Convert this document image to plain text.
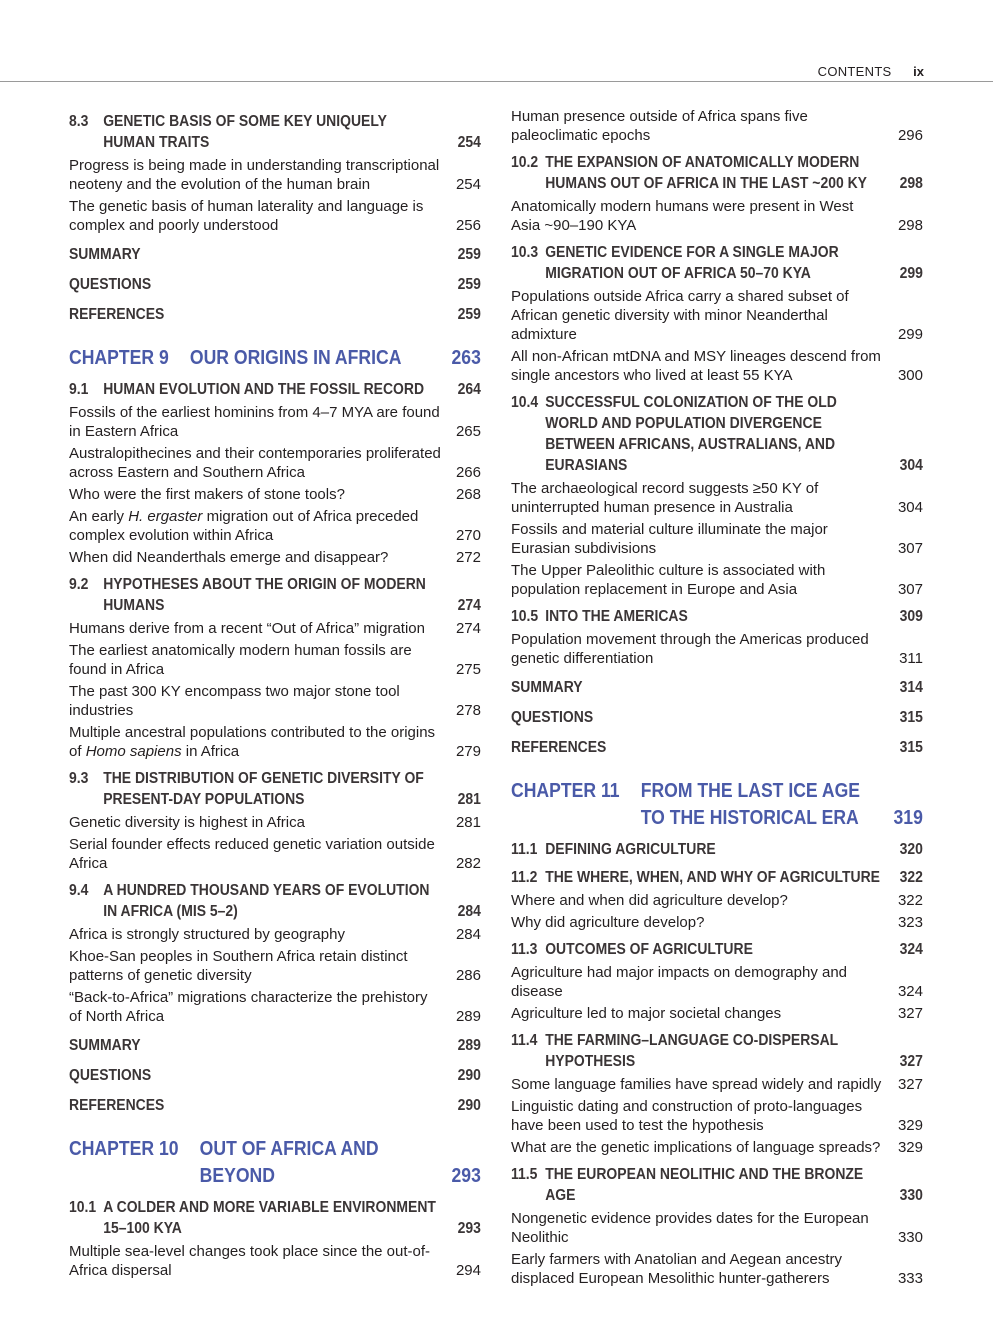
CONTENTS ix
8.3 GENETIC BASIS OF SOME KEY UNIQUELY HUMAN TRAITS	254
Progress is being made in understanding transcriptional neoteny and the evolution of the human brain	254
The genetic basis of human laterality and language is complex and poorly understood	256
SUMMARY	259
QUESTIONS	259
REFERENCES	259
CHAPTER 9 OUR ORIGINS IN AFRICA	263
9.1 HUMAN EVOLUTION AND THE FOSSIL RECORD	264
Fossils of the earliest hominins from 4–7 MYA are found in Eastern Africa	265
Australopithecines and their contemporaries proliferated across Eastern and Southern Africa	266
Who were the first makers of stone tools?	268
An early H. ergaster migration out of Africa preceded complex evolution within Africa	270
When did Neanderthals emerge and disappear?	272
9.2 HYPOTHESES ABOUT THE ORIGIN OF MODERN HUMANS	274
Humans derive from a recent “Out of Africa” migration	274
The earliest anatomically modern human fossils are found in Africa	275
The past 300 KY encompass two major stone tool industries	278
Multiple ancestral populations contributed to the origins of Homo sapiens in Africa	279
9.3 THE DISTRIBUTION OF GENETIC DIVERSITY OF PRESENT-DAY POPULATIONS	281
Genetic diversity is highest in Africa	281
Serial founder effects reduced genetic variation outside Africa	282
9.4 A HUNDRED THOUSAND YEARS OF EVOLUTION IN AFRICA (MIS 5–2)	284
Africa is strongly structured by geography	284
Khoe-San peoples in Southern Africa retain distinct patterns of genetic diversity	286
“Back-to-Africa” migrations characterize the prehistory of North Africa	289
SUMMARY	289
QUESTIONS	290
REFERENCES	290
CHAPTER 10 OUT OF AFRICA AND BEYOND	293
10.1 A COLDER AND MORE VARIABLE ENVIRONMENT 15–100 KYA	293
Multiple sea-level changes took place since the out-of-Africa dispersal	294
Human presence outside of Africa spans five paleoclimatic epochs	296
10.2 THE EXPANSION OF ANATOMICALLY MODERN HUMANS OUT OF AFRICA IN THE LAST ~200 KY	298
Anatomically modern humans were present in West Asia ~90–190 KYA	298
10.3 GENETIC EVIDENCE FOR A SINGLE MAJOR MIGRATION OUT OF AFRICA 50–70 KYA	299
Populations outside Africa carry a shared subset of African genetic diversity with minor Neanderthal admixture	299
All non-African mtDNA and MSY lineages descend from single ancestors who lived at least 55 KYA	300
10.4 SUCCESSFUL COLONIZATION OF THE OLD WORLD AND POPULATION DIVERGENCE BETWEEN AFRICANS, AUSTRALIANS, AND EURASIANS	304
The archaeological record suggests ≥50 KY of uninterrupted human presence in Australia	304
Fossils and material culture illuminate the major Eurasian subdivisions	307
The Upper Paleolithic culture is associated with population replacement in Europe and Asia	307
10.5 INTO THE AMERICAS	309
Population movement through the Americas produced genetic differentiation	311
SUMMARY	314
QUESTIONS	315
REFERENCES	315
CHAPTER 11 FROM THE LAST ICE AGE TO THE HISTORICAL ERA	319
11.1 DEFINING AGRICULTURE	320
11.2 THE WHERE, WHEN, AND WHY OF AGRICULTURE	322
Where and when did agriculture develop?	322
Why did agriculture develop?	323
11.3 OUTCOMES OF AGRICULTURE	324
Agriculture had major impacts on demography and disease	324
Agriculture led to major societal changes	327
11.4 THE FARMING–LANGUAGE CO-DISPERSAL HYPOTHESIS	327
Some language families have spread widely and rapidly	327
Linguistic dating and construction of proto-languages have been used to test the hypothesis	329
What are the genetic implications of language spreads?	329
11.5 THE EUROPEAN NEOLITHIC AND THE BRONZE AGE	330
Nongenetic evidence provides dates for the European Neolithic	330
Early farmers with Anatolian and Aegean ancestry displaced European Mesolithic hunter-gatherers	333
